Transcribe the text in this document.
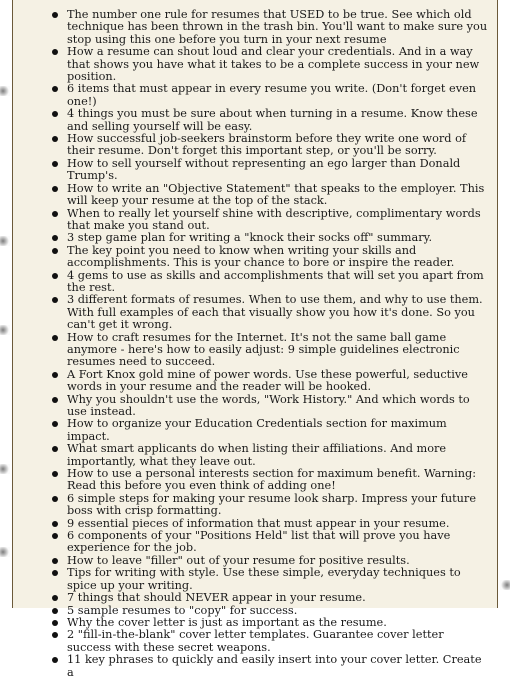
The number one rule for resumes that USED to be true. See which old technique has been thrown in the trash bin. You'll want to make sure you stop using this one before you turn in your next resume
How a resume can shout loud and clear your credentials. And in a way that shows you have what it takes to be a complete success in your new position.
6 items that must appear in every resume you write. (Don't forget even one!)
4 things you must be sure about when turning in a resume. Know these and selling yourself will be easy.
How successful job-seekers brainstorm before they write one word of their resume. Don't forget this important step, or you'll be sorry.
How to sell yourself without representing an ego larger than Donald Trump's.
How to write an "Objective Statement" that speaks to the employer. This will keep your resume at the top of the stack.
When to really let yourself shine with descriptive, complimentary words that make you stand out.
3 step game plan for writing a "knock their socks off" summary.
The key point you need to know when writing your skills and accomplishments. This is your chance to bore or inspire the reader.
4 gems to use as skills and accomplishments that will set you apart from the rest.
3 different formats of resumes. When to use them, and why to use them. With full examples of each that visually show you how it's done. So you can't get it wrong.
How to craft resumes for the Internet. It's not the same ball game anymore - here's how to easily adjust: 9 simple guidelines electronic resumes need to succeed.
A Fort Knox gold mine of power words. Use these powerful, seductive words in your resume and the reader will be hooked.
Why you shouldn't use the words, "Work History." And which words to use instead.
How to organize your Education Credentials section for maximum impact.
What smart applicants do when listing their affiliations. And more importantly, what they leave out.
How to use a personal interests section for maximum benefit. Warning: Read this before you even think of adding one!
6 simple steps for making your resume look sharp. Impress your future boss with crisp formatting.
9 essential pieces of information that must appear in your resume.
6 components of your "Positions Held" list that will prove you have experience for the job.
How to leave "filler" out of your resume for positive results.
Tips for writing with style. Use these simple, everyday techniques to spice up your writing.
7 things that should NEVER appear in your resume.
5 sample resumes to "copy" for success.
Why the cover letter is just as important as the resume.
2 "fill-in-the-blank" cover letter templates. Guarantee cover letter success with these secret weapons.
11 key phrases to quickly and easily insert into your cover letter. Create a
